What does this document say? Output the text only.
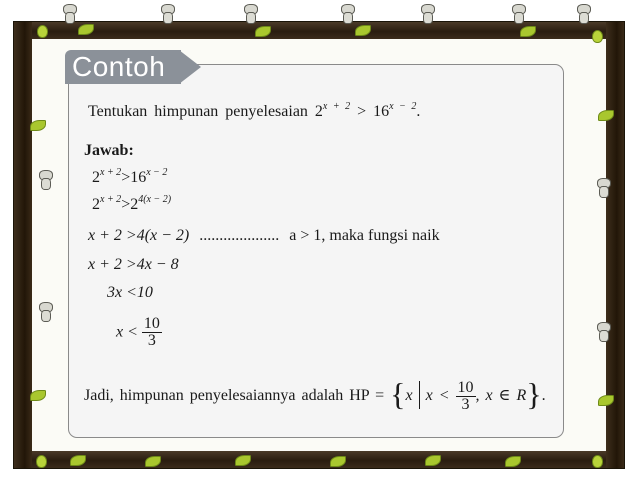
Contoh
Tentukan himpunan penyelesaian $2^{x + 2} > 16^{x - 2}$.
Jawab:
$2^{x + 2}>16^{x - 2}$
$2^{x + 2}>2^{4(x - 2)}$
x + 2 >4(x − 2) .................... a > 1, maka fungsi naik
x + 2 >4x − 8
3x <10
$x < \frac{10}{3}$
Jadi, himpunan penyelesaiannya adalah HP = {x $x < \frac{10}{3}$ , x ∈ R}.
